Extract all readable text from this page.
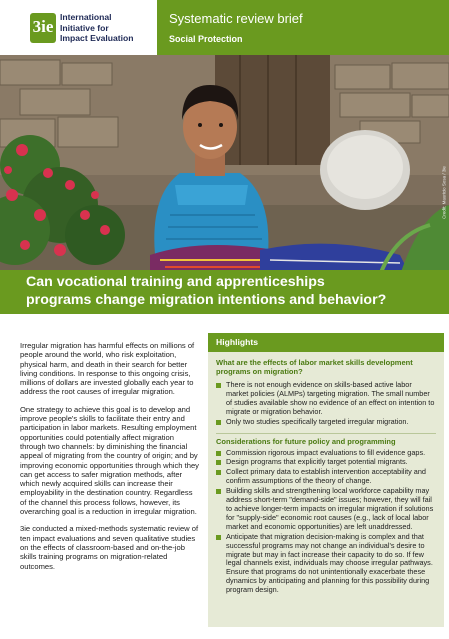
3ie International
Initiative for
Impact Evaluation
Systematic review brief
Social Protection
Credit: Mauricio Sosa / 3ie
Can vocational training and apprenticeships
programs change migration intentions and behavior?

Irregular migration has harmful effects on millions of people around the world, who risk exploitation, physical harm, and death in their search for better living conditions. In response to this ongoing crisis, millions of dollars are invested globally each year to address the root causes of irregular migration.

One strategy to achieve this goal is to develop and improve people's skills to facilitate their entry and participation in labor markets. Resulting employment opportunities could potentially affect migration through two channels: by diminishing the financial appeal of migrating from the country of origin; and by improving economic opportunities through which they can get access to safer migration methods, after which newly acquired skills can increase their employability in the destination country. Regardless of the channel this process follows, however, its overarching goal is a reduction in irregular migration.

3ie conducted a mixed-methods systematic review of ten impact evaluations and seven qualitative studies on the effects of classroom-based and on-the-job skills training programs on migration-related outcomes.

Highlights
What are the effects of labor market skills development programs on migration?
There is not enough evidence on skills-based active labor market policies (ALMPs) targeting migration. The small number of studies available show no evidence of an effect on intention to migrate or migration behavior.
Only two studies specifically targeted irregular migration.
Considerations for future policy and programming
Commission rigorous impact evaluations to fill evidence gaps.
Design programs that explicitly target potential migrants.
Collect primary data to establish intervention acceptability and confirm assumptions of the theory of change.
Building skills and strengthening local workforce capability may address short-term "demand-side" issues; however, they will fail to achieve longer-term impacts on irregular migration if solutions for "supply-side" economic root causes (e.g., lack of local labor market and economic opportunities) are left unaddressed.
Anticipate that migration decision-making is complex and that successful programs may not change an individual's desire to migrate but may in fact increase their capacity to do so. If few legal channels exist, individuals may choose irregular pathways. Ensure that programs do not unintentionally exacerbate these dynamics by anticipating and planning for this possibility during program design.
